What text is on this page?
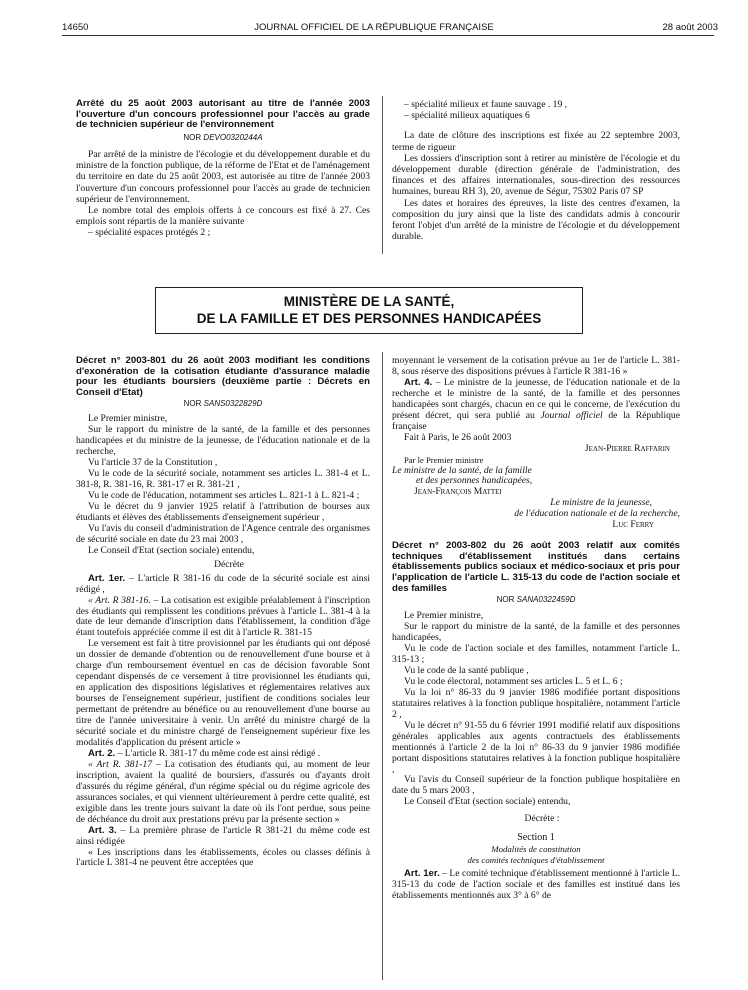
14650	JOURNAL OFFICIEL DE LA RÉPUBLIQUE FRANÇAISE	28 août 2003
Arrêté du 25 août 2003 autorisant au titre de l'année 2003 l'ouverture d'un concours professionnel pour l'accès au grade de technicien supérieur de l'environnement
NOR DEVO0320244A

Par arrêté de la ministre de l'écologie et du développement durable et du ministre de la fonction publique, de la réforme de l'Etat et de l'aménagement du territoire en date du 25 août 2003, est autorisée au titre de l'année 2003 l'ouverture d'un concours professionnel pour l'accès au grade de technicien supérieur de l'environnement.

Le nombre total des emplois offerts à ce concours est fixé à 27. Ces emplois sont répartis de la manière suivante

– spécialité espaces protégés 2 ;

– spécialité milieux et faune sauvage . 19 ,

– spécialité milieux aquatiques 6

La date de clôture des inscriptions est fixée au 22 septembre 2003, terme de rigueur

Les dossiers d'inscription sont à retirer au ministère de l'écologie et du développement durable (direction générale de l'administration, des finances et des affaires internationales, sous-direction des ressources humaines, bureau RH 3), 20, avenue de Ségur, 75302 Paris 07 SP

Les dates et horaires des épreuves, la liste des centres d'examen, la composition du jury ainsi que la liste des candidats admis à concourir feront l'objet d'un arrêté de la ministre de l'écologie et du développement durable.

MINISTÈRE DE LA SANTÉ,
DE LA FAMILLE ET DES PERSONNES HANDICAPÉES
Décret n° 2003-801 du 26 août 2003 modifiant les conditions d'exonération de la cotisation étudiante d'assurance maladie pour les étudiants boursiers (deuxième partie : Décrets en Conseil d'Etat)
NOR SANS0322829D

Le Premier ministre,

Sur le rapport du ministre de la santé, de la famille et des personnes handicapées et du ministre de la jeunesse, de l'éducation nationale et de la recherche,

Vu l'article 37 de la Constitution ,

Vu le code de la sécurité sociale, notamment ses articles L. 381-4 et L. 381-8, R. 381-16, R. 381-17 et R. 381-21 ,

Vu le code de l'éducation, notamment ses articles L. 821-1 à L. 821-4 ;

Vu le décret du 9 janvier 1925 relatif à l'attribution de bourses aux étudiants et élèves des établissements d'enseignement supérieur ,

Vu l'avis du conseil d'administration de l'Agence centrale des organismes de sécurité sociale en date du 23 mai 2003 ,

Le Conseil d'Etat (section sociale) entendu,

Décrète

Art. 1er. – L'article R 381-16 du code de la sécurité sociale est ainsi rédigé ,

« Art. R 381-16. – La cotisation est exigible préalablement à l'inscription des étudiants qui remplissent les conditions prévues à l'article L. 381-4 à la date de leur demande d'inscription dans l'établissement, la condition d'âge étant toutefois appréciée comme il est dit à l'article R. 381-15

Le versement est fait à titre provisionnel par les étudiants qui ont déposé un dossier de demande d'obtention ou de renouvellement d'une bourse et à charge d'un remboursement éventuel en cas de décision favorable Sont cependant dispensés de ce versement à titre provisionnel les étudiants qui, en application des dispositions législatives et réglementaires relatives aux bourses de l'enseignement supérieur, justifient de conditions sociales leur permettant de prétendre au bénéfice ou au renouvellement d'une bourse au titre de l'année universitaire à venir. Un arrêté du ministre chargé de la sécurité sociale et du ministre chargé de l'enseignement supérieur fixe les modalités d'application du présent article »

Art. 2. – L'article R. 381-17 du même code est ainsi rédigé .

« Art R. 381-17 – La cotisation des étudiants qui, au moment de leur inscription, avaient la qualité de boursiers, d'assurés ou d'ayants droit d'assurés du régime général, d'un régime spécial ou du régime agricole des assurances sociales, et qui viennent ultérieurement à perdre cette qualité, est exigible dans les trente jours suivant la date où ils l'ont perdue, sous peine de déchéance du droit aux prestations prévu par la présente section »

Art. 3. – La première phrase de l'article R 381-21 du même code est ainsi rédigée

« Les inscriptions dans les établissements, écoles ou classes définis à l'article L 381-4 ne peuvent être acceptées que

moyennant le versement de la cotisation prévue au 1er de l'article L. 381-8, sous réserve des dispositions prévues à l'article R 381-16 »

Art. 4. – Le ministre de la jeunesse, de l'éducation nationale et de la recherche et le ministre de la santé, de la famille et des personnes handicapées sont chargés, chacun en ce qui le concerne, de l'exécution du présent décret, qui sera publié au Journal officiel de la République française

Fait à Paris, le 26 août 2003

Jean-Pierre Raffarin
Par le Premier ministre
Le ministre de la santé, de la famille
et des personnes handicapées,
Jean-François Mattei
Le ministre de la jeunesse,
de l'éducation nationale et de la recherche,
Luc Ferry
Décret n° 2003-802 du 26 août 2003 relatif aux comités techniques d'établissement institués dans certains établissements publics sociaux et médico-sociaux et pris pour l'application de l'article L. 315-13 du code de l'action sociale et des familles
NOR SANA0322459D

Le Premier ministre,

Sur le rapport du ministre de la santé, de la famille et des personnes handicapées,

Vu le code de l'action sociale et des familles, notamment l'article L. 315-13 ;

Vu le code de la santé publique ,

Vu le code électoral, notamment ses articles L. 5 et L. 6 ;

Vu la loi n° 86-33 du 9 janvier 1986 modifiée portant dispositions statutaires relatives à la fonction publique hospitalière, notamment l'article 2 ,

Vu le décret n° 91-55 du 6 février 1991 modifié relatif aux dispositions générales applicables aux agents contractuels des établissements mentionnés à l'article 2 de la loi n° 86-33 du 9 janvier 1986 modifiée portant dispositions statutaires relatives à la fonction publique hospitalière ,

Vu l'avis du Conseil supérieur de la fonction publique hospitalière en date du 5 mars 2003 ,

Le Conseil d'Etat (section sociale) entendu,

Décrète :

Section 1
Modalités de constitution
des comités techniques d'établissement

Art. 1er. – Le comité technique d'établissement mentionné à l'article L. 315-13 du code de l'action sociale et des familles est institué dans les établissements mentionnés aux 3° à 6° de
